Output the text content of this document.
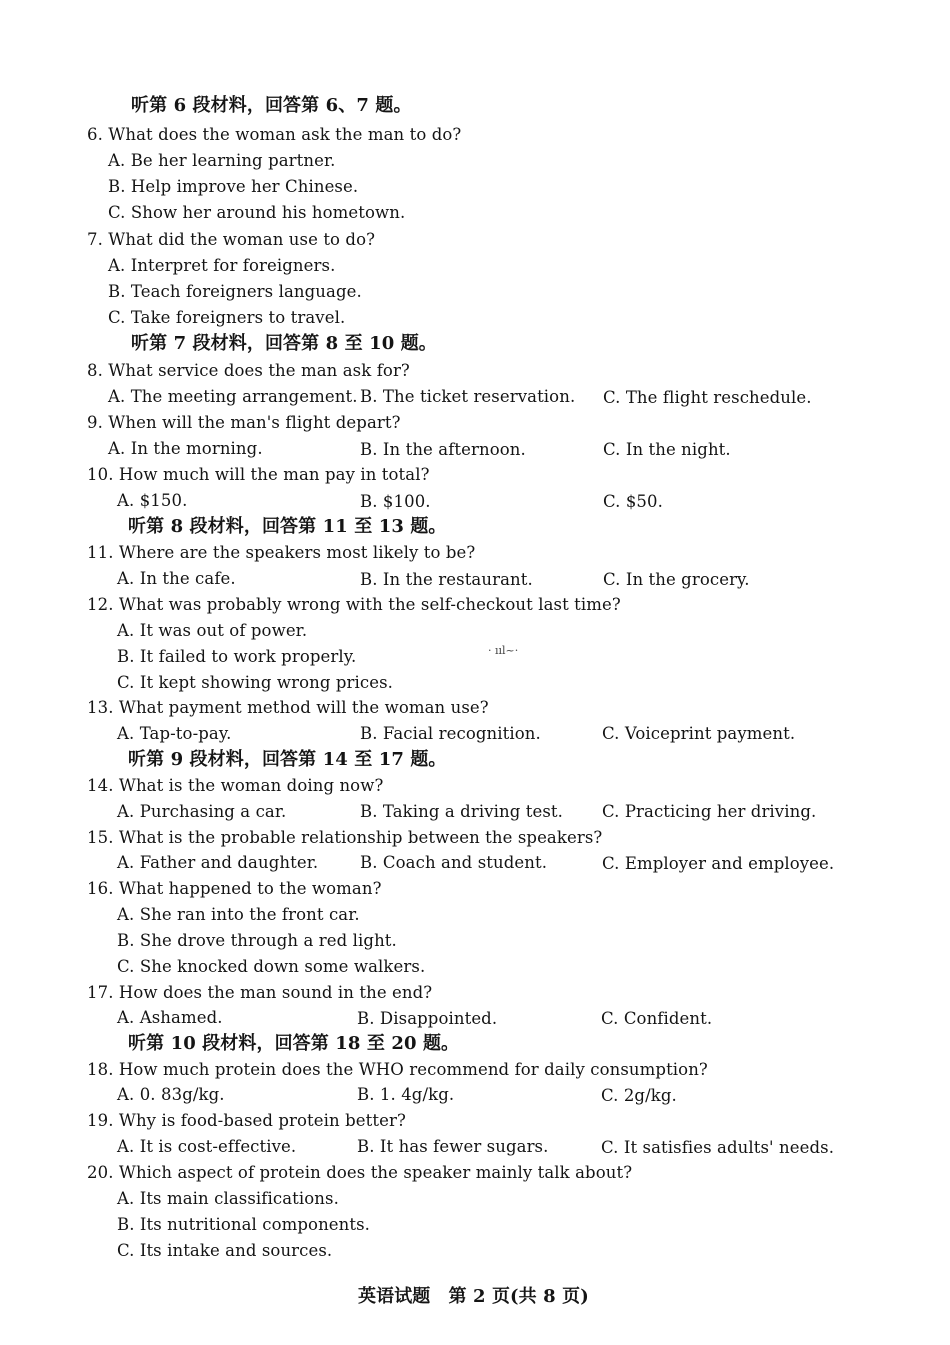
听第 6 段材料，回答第 6、7 题。
6. What does the woman ask the man to do?
A. Be her learning partner.
B. Help improve her Chinese.
C. Show her around his hometown.
7. What did the woman use to do?
A. Interpret for foreigners.
B. Teach foreigners language.
C. Take foreigners to travel.
听第 7 段材料，回答第 8 至 10 题。
8. What service does the man ask for?
A. The meeting arrangement. B. The ticket reservation. C. The flight reschedule.
9. When will the man's flight depart?
A. In the morning.	B. In the afternoon.	C. In the night.
10. How much will the man pay in total?
A. $150.	B. $100.	C. $50.
听第 8 段材料，回答第 11 至 13 题。
11. Where are the speakers most likely to be?
A. In the cafe.	B. In the restaurant.	C. In the grocery.
12. What was probably wrong with the self-checkout last time?
A. It was out of power.
B. It failed to work properly.	· ııl~·
C. It kept showing wrong prices.
13. What payment method will the woman use?
A. Tap-to-pay.	B. Facial recognition.	C. Voiceprint payment.
听第 9 段材料，回答第 14 至 17 题。
14. What is the woman doing now?
A. Purchasing a car.	B. Taking a driving test. C. Practicing her driving.
15. What is the probable relationship between the speakers?
A. Father and daughter.	B. Coach and student.	C. Employer and employee.
16. What happened to the woman?
A. She ran into the front car.
B. She drove through a red light.
C. She knocked down some walkers.
17. How does the man sound in the end?
A. Ashamed.	B. Disappointed.	C. Confident.
听第 10 段材料，回答第 18 至 20 题。
18. How much protein does the WHO recommend for daily consumption?
A. 0. 83g/kg.	B. 1. 4g/kg.	C. 2g/kg.
19. Why is food-based protein better?
A. It is cost-effective.	B. It has fewer sugars.	C. It satisfies adults' needs.
20. Which aspect of protein does the speaker mainly talk about?
A. Its main classifications.
B. Its nutritional components.
C. Its intake and sources.
英语试题　第 2 页(共 8 页)
